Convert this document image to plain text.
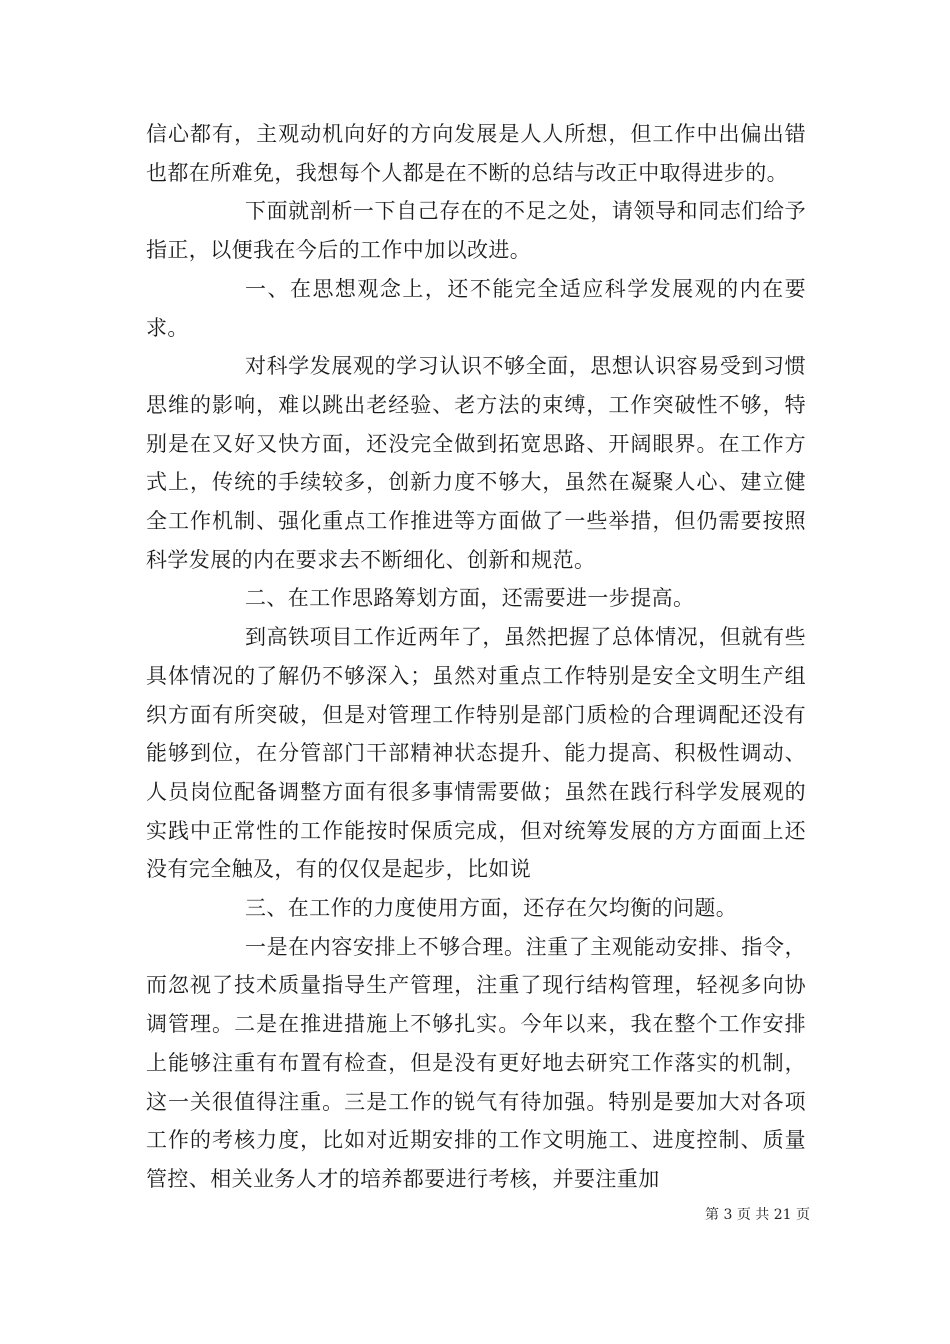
信心都有，主观动机向好的方向发展是人人所想，但工作中出偏出错也都在所难免，我想每个人都是在不断的总结与改正中取得进步的。

下面就剖析一下自己存在的不足之处，请领导和同志们给予指正，以便我在今后的工作中加以改进。

一、在思想观念上，还不能完全适应科学发展观的内在要求。

对科学发展观的学习认识不够全面，思想认识容易受到习惯思维的影响，难以跳出老经验、老方法的束缚，工作突破性不够，特别是在又好又快方面，还没完全做到拓宽思路、开阔眼界。在工作方式上，传统的手续较多，创新力度不够大，虽然在凝聚人心、建立健全工作机制、强化重点工作推进等方面做了一些举措，但仍需要按照科学发展的内在要求去不断细化、创新和规范。

二、在工作思路筹划方面，还需要进一步提高。

到高铁项目工作近两年了，虽然把握了总体情况，但就有些具体情况的了解仍不够深入；虽然对重点工作特别是安全文明生产组织方面有所突破，但是对管理工作特别是部门质检的合理调配还没有能够到位，在分管部门干部精神状态提升、能力提高、积极性调动、人员岗位配备调整方面有很多事情需要做；虽然在践行科学发展观的实践中正常性的工作能按时保质完成，但对统筹发展的方方面面上还没有完全触及，有的仅仅是起步，比如说

三、在工作的力度使用方面，还存在欠均衡的问题。

一是在内容安排上不够合理。注重了主观能动安排、指令，而忽视了技术质量指导生产管理，注重了现行结构管理，轻视多向协调管理。二是在推进措施上不够扎实。今年以来，我在整个工作安排上能够注重有布置有检查，但是没有更好地去研究工作落实的机制，这一关很值得注重。三是工作的锐气有待加强。特别是要加大对各项工作的考核力度，比如对近期安排的工作文明施工、进度控制、质量管控、相关业务人才的培养都要进行考核，并要注重加

第 3 页 共 21 页
